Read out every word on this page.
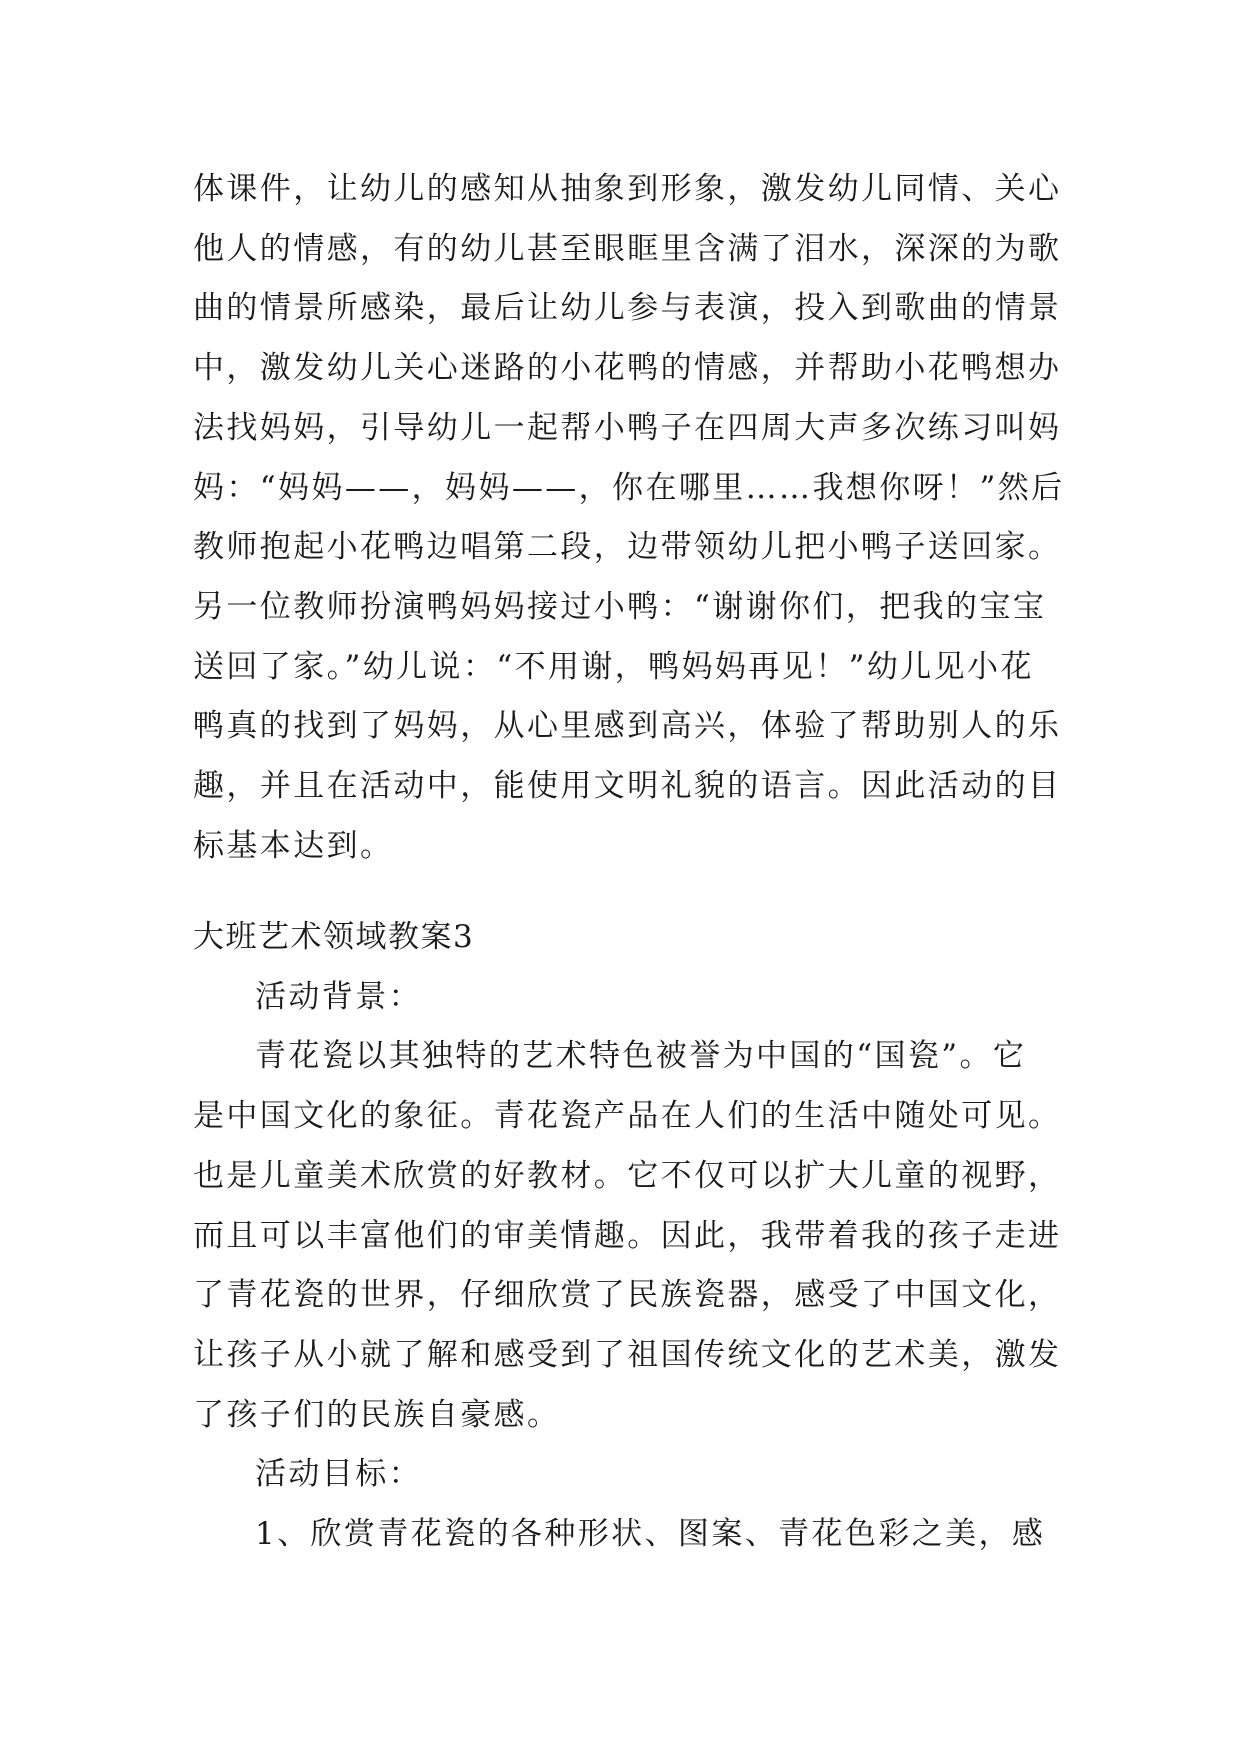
体课件，让幼儿的感知从抽象到形象，激发幼儿同情、关心
他人的情感，有的幼儿甚至眼眶里含满了泪水，深深的为歌
曲的情景所感染，最后让幼儿参与表演，投入到歌曲的情景
中，激发幼儿关心迷路的小花鸭的情感，并帮助小花鸭想办
法找妈妈，引导幼儿一起帮小鸭子在四周大声多次练习叫妈
妈：“妈妈——，妈妈——，你在哪里……我想你呀！”然后
教师抱起小花鸭边唱第二段，边带领幼儿把小鸭子送回家。
另一位教师扮演鸭妈妈接过小鸭：“谢谢你们，把我的宝宝
送回了家。”幼儿说：“不用谢，鸭妈妈再见！”幼儿见小花
鸭真的找到了妈妈，从心里感到高兴，体验了帮助别人的乐
趣，并且在活动中，能使用文明礼貌的语言。因此活动的目
标基本达到。
大班艺术领域教案3
活动背景：
青花瓷以其独特的艺术特色被誉为中国的“国瓷”。它
是中国文化的象征。青花瓷产品在人们的生活中随处可见。
也是儿童美术欣赏的好教材。它不仅可以扩大儿童的视野，
而且可以丰富他们的审美情趣。因此，我带着我的孩子走进
了青花瓷的世界，仔细欣赏了民族瓷器，感受了中国文化，
让孩子从小就了解和感受到了祖国传统文化的艺术美，激发
了孩子们的民族自豪感。
活动目标：
1、欣赏青花瓷的各种形状、图案、青花色彩之美，感
